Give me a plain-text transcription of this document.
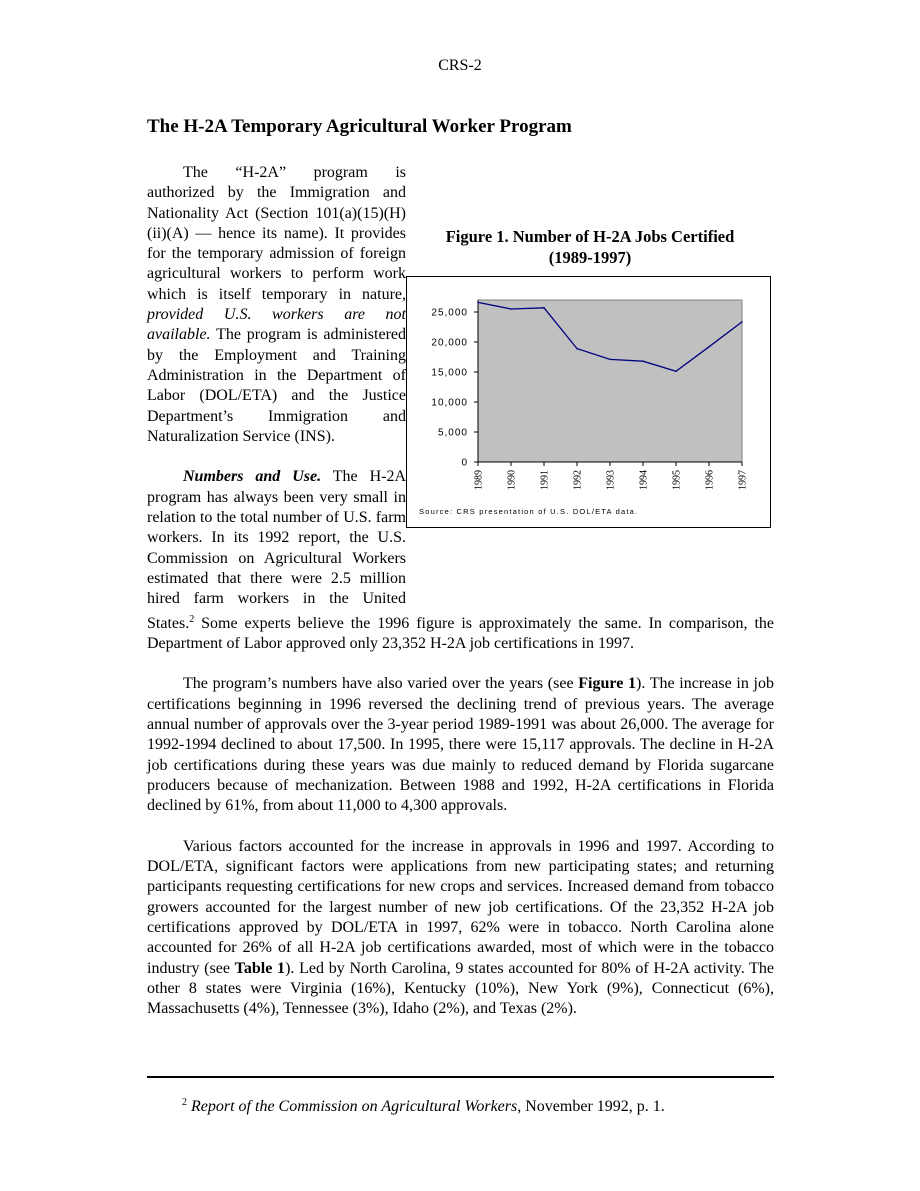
CRS-2
The H-2A Temporary Agricultural Worker Program
Figure 1. Number of H-2A Jobs Certified
(1989-1997)
0
5,000
10,000
15,000
20,000
25,000
1989 1990 1991 1992 1993 1994 1995 1996 1997
Source: CRS presentation of U.S. DOL/ETA data.

The “H-2A” program is authorized by the Immigration and Nationality Act (Section 101(a)(15)(H)(ii)(A) — hence its name). It provides for the temporary admission of foreign agricultural workers to perform work which is itself temporary in nature, provided U.S. workers are not available. The program is administered by the Employment and Training Administration in the Department of Labor (DOL/ETA) and the Justice Department’s Immigration and Naturalization Service (INS).

Numbers and Use. The H-2A program has always been very small in relation to the total number of U.S. farm workers. In its 1992 report, the U.S. Commission on Agricultural Workers estimated that there were 2.5 million hired farm workers in the United States.$^2$ Some experts believe the 1996 figure is approximately the same. In comparison, the Department of Labor approved only 23,352 H-2A job certifications in 1997.

The program’s numbers have also varied over the years (see Figure 1). The increase in job certifications beginning in 1996 reversed the declining trend of previous years. The average annual number of approvals over the 3-year period 1989-1991 was about 26,000. The average for 1992-1994 declined to about 17,500. In 1995, there were 15,117 approvals. The decline in H-2A job certifications during these years was due mainly to reduced demand by Florida sugarcane producers because of mechanization. Between 1988 and 1992, H-2A certifications in Florida declined by 61%, from about 11,000 to 4,300 approvals.

Various factors accounted for the increase in approvals in 1996 and 1997. According to DOL/ETA, significant factors were applications from new participating states; and returning participants requesting certifications for new crops and services. Increased demand from tobacco growers accounted for the largest number of new job certifications. Of the 23,352 H-2A job certifications approved by DOL/ETA in 1997, 62% were in tobacco. North Carolina alone accounted for 26% of all H-2A job certifications awarded, most of which were in the tobacco industry (see Table 1). Led by North Carolina, 9 states accounted for 80% of H-2A activity. The other 8 states were Virginia (16%), Kentucky (10%), New York (9%), Connecticut (6%), Massachusetts (4%), Tennessee (3%), Idaho (2%), and Texas (2%).

$^2$ Report of the Commission on Agricultural Workers, November 1992, p. 1.
